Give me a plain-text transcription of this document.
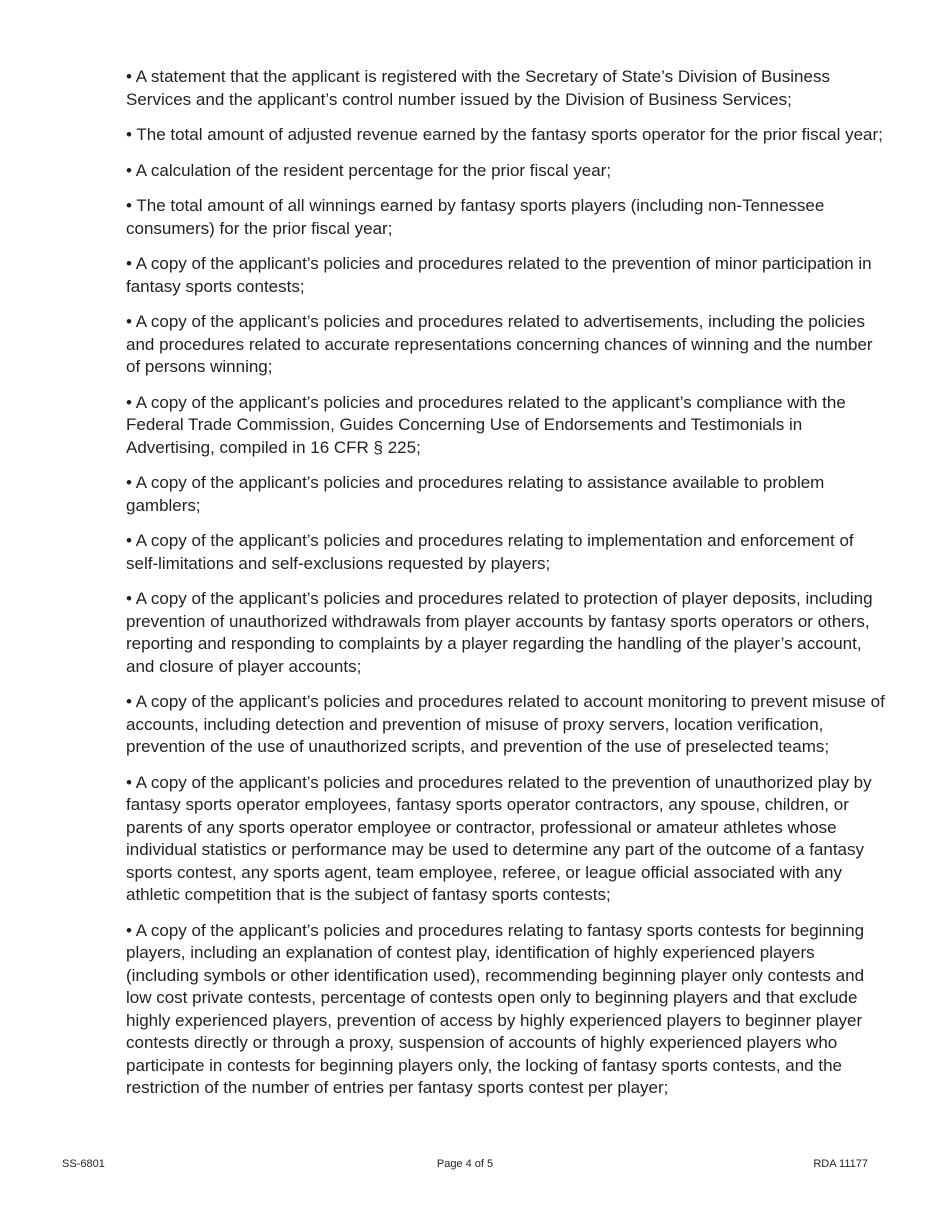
• A statement that the applicant is registered with the Secretary of State’s Division of Business Services and the applicant’s control number issued by the Division of Business Services;

• The total amount of adjusted revenue earned by the fantasy sports operator for the prior fiscal year;

• A calculation of the resident percentage for the prior fiscal year;

• The total amount of all winnings earned by fantasy sports players (including non-Tennessee consumers) for the prior fiscal year;

• A copy of the applicant’s policies and procedures related to the prevention of minor participation in fantasy sports contests;

• A copy of the applicant’s policies and procedures related to advertisements, including the policies and procedures related to accurate representations concerning chances of winning and the number of persons winning;

• A copy of the applicant’s policies and procedures related to the applicant’s compliance with the Federal Trade Commission, Guides Concerning Use of Endorsements and Testimonials in Advertising, compiled in 16 CFR § 225;

• A copy of the applicant’s policies and procedures relating to assistance available to problem gamblers;

• A copy of the applicant’s policies and procedures relating to implementation and enforcement of self-limitations and self-exclusions requested by players;

• A copy of the applicant’s policies and procedures related to protection of player deposits, including prevention of unauthorized withdrawals from player accounts by fantasy sports operators or others, reporting and responding to complaints by a player regarding the handling of the player’s account, and closure of player accounts;

• A copy of the applicant’s policies and procedures related to account monitoring to prevent misuse of accounts, including detection and prevention of misuse of proxy servers, location verification, prevention of the use of unauthorized scripts, and prevention of the use of preselected teams;

• A copy of the applicant’s policies and procedures related to the prevention of unauthorized play by fantasy sports operator employees, fantasy sports operator contractors, any spouse, children, or parents of any sports operator employee or contractor, professional or amateur athletes whose individual statistics or performance may be used to determine any part of the outcome of a fantasy sports contest, any sports agent, team employee, referee, or league official associated with any athletic competition that is the subject of fantasy sports contests;

• A copy of the applicant’s policies and procedures relating to fantasy sports contests for beginning players, including an explanation of contest play, identification of highly experienced players (including symbols or other identification used), recommending beginning player only contests and low cost private contests, percentage of contests open only to beginning players and that exclude highly experienced players, prevention of access by highly experienced players to beginner player contests directly or through a proxy, suspension of accounts of highly experienced players who participate in contests for beginning players only, the locking of fantasy sports contests, and the restriction of the number of entries per fantasy sports contest per player;

SS-6801	Page 4 of 5	RDA 11177
